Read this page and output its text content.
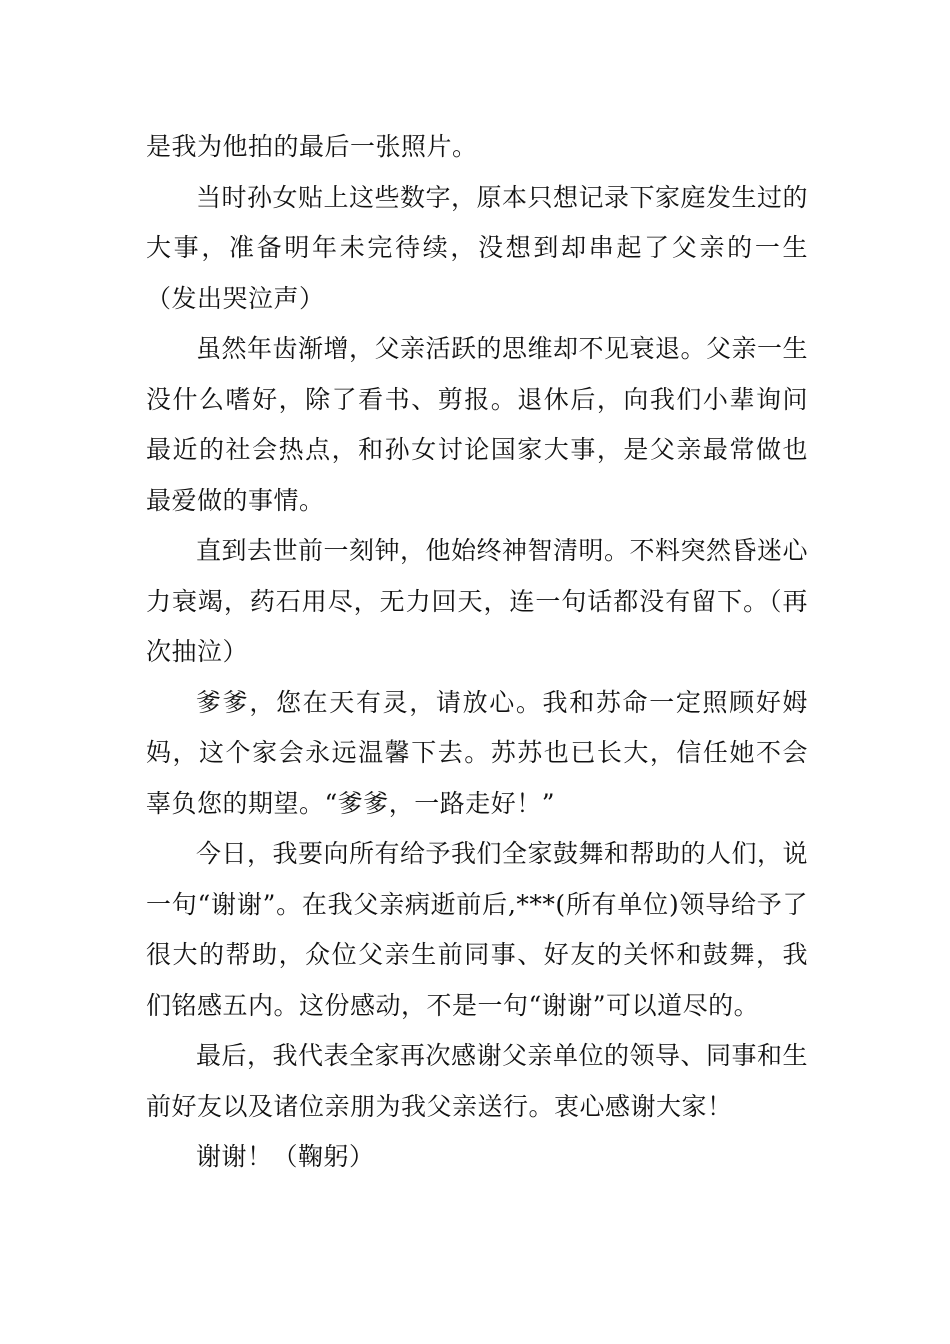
是我为他拍的最后一张照片。

当时孙女贴上这些数字，原本只想记录下家庭发生过的大事，准备明年未完待续，没想到却串起了父亲的一生（发出哭泣声）

虽然年齿渐增，父亲活跃的思维却不见衰退。父亲一生没什么嗜好，除了看书、剪报。退休后，向我们小辈询问最近的社会热点，和孙女讨论国家大事，是父亲最常做也最爱做的事情。

直到去世前一刻钟，他始终神智清明。不料突然昏迷心力衰竭，药石用尽，无力回天，连一句话都没有留下。（再次抽泣）

爹爹，您在天有灵，请放心。我和苏命一定照顾好姆妈，这个家会永远温馨下去。苏苏也已长大，信任她不会辜负您的期望。“爹爹，一路走好！”

今日，我要向所有给予我们全家鼓舞和帮助的人们，说一句“谢谢”。在我父亲病逝前后,***(所有单位)领导给予了很大的帮助，众位父亲生前同事、好友的关怀和鼓舞，我们铭感五内。这份感动，不是一句“谢谢”可以道尽的。

最后，我代表全家再次感谢父亲单位的领导、同事和生前好友以及诸位亲朋为我父亲送行。衷心感谢大家！

谢谢！（鞠躬）
